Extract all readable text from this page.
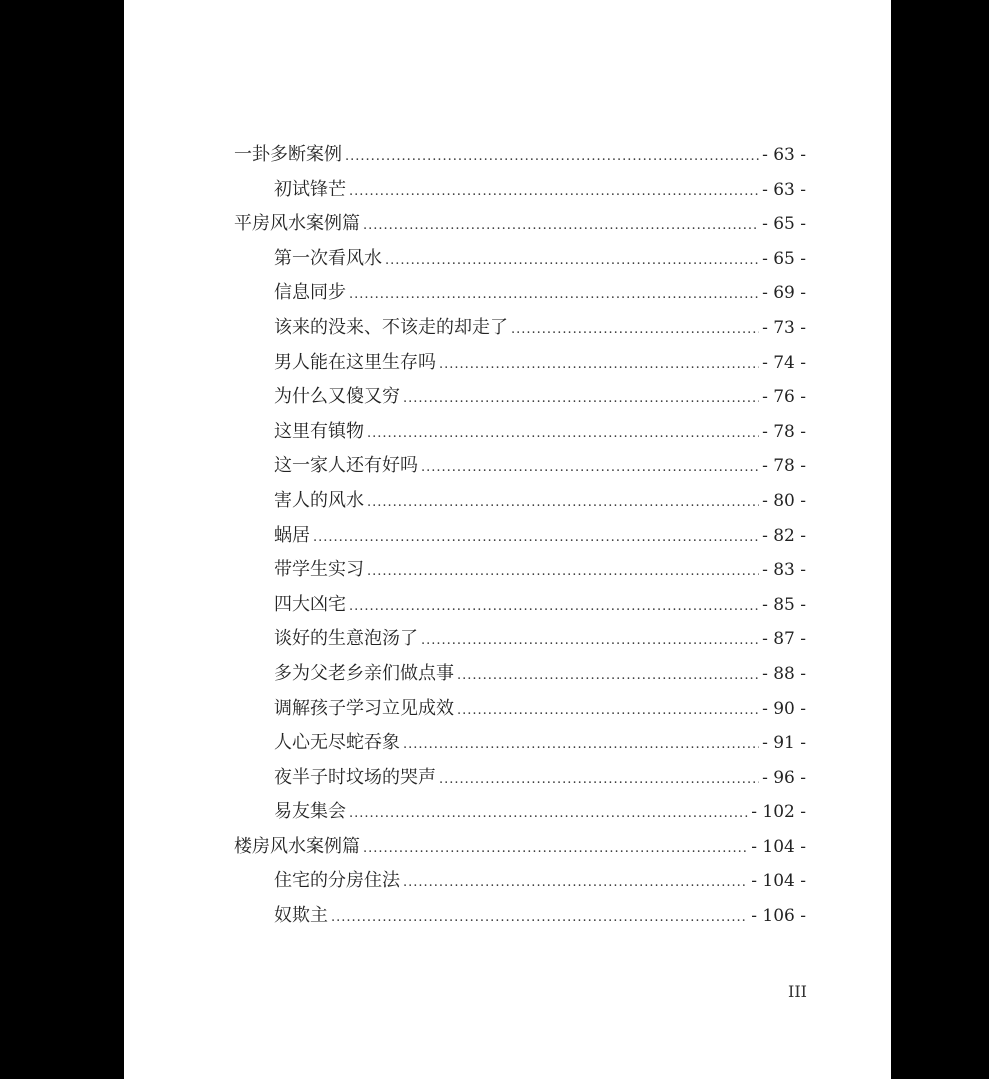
一卦多断案例 .....	- 63 -
初试锋芒 .....	- 63 -
平房风水案例篇 .....	- 65 -
第一次看风水 .....	- 65 -
信息同步 .....	- 69 -
该来的没来、不该走的却走了 .....	- 73 -
男人能在这里生存吗 .....	- 74 -
为什么又傻又穷 .....	- 76 -
这里有镇物 .....	- 78 -
这一家人还有好吗 .....	- 78 -
害人的风水 .....	- 80 -
蜗居 .....	- 82 -
带学生实习 .....	- 83 -
四大凶宅 .....	- 85 -
谈好的生意泡汤了 .....	- 87 -
多为父老乡亲们做点事 .....	- 88 -
调解孩子学习立见成效 .....	- 90 -
人心无尽蛇吞象 .....	- 91 -
夜半子时坟场的哭声 .....	- 96 -
易友集会 .....	- 102 -
楼房风水案例篇 .....	- 104 -
住宅的分房住法 .....	- 104 -
奴欺主 .....	- 106 -
III
